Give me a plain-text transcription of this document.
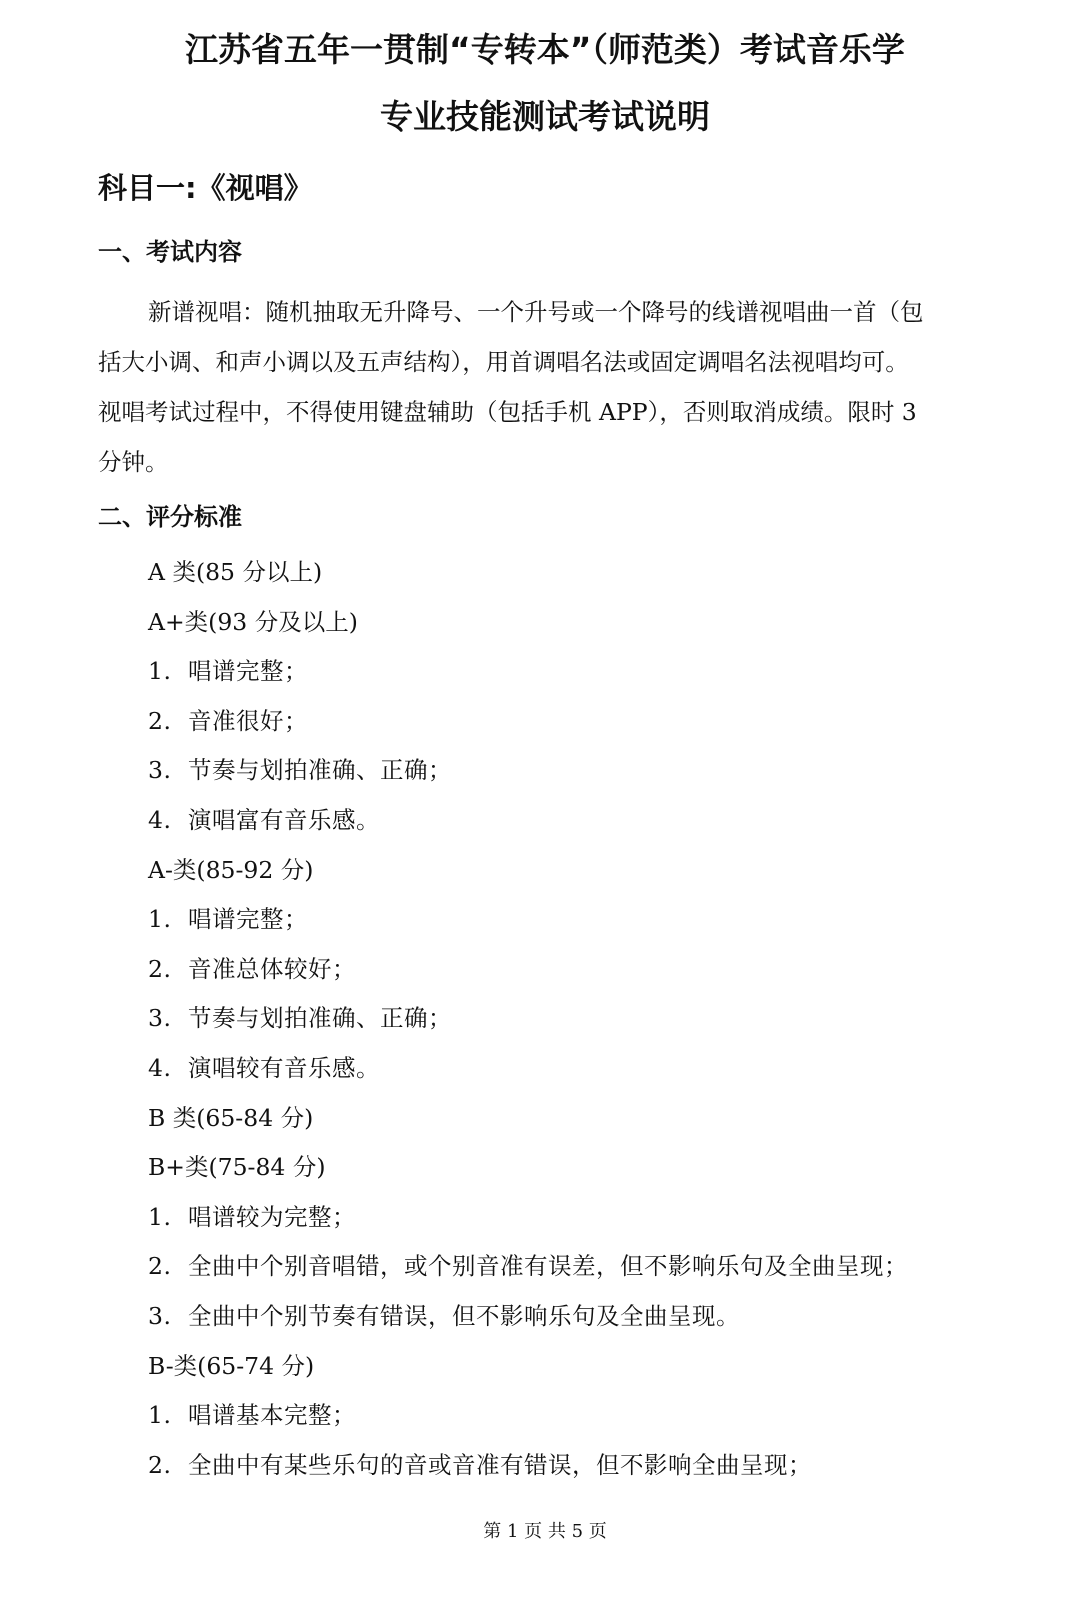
江苏省五年一贯制“专转本”（师范类）考试音乐学
专业技能测试考试说明
科目一:《视唱》
一、考试内容
新谱视唱：随机抽取无升降号、一个升号或一个降号的线谱视唱曲一首（包
括大小调、和声小调以及五声结构），用首调唱名法或固定调唱名法视唱均可。
视唱考试过程中，不得使用键盘辅助（包括手机 APP），否则取消成绩。限时 3
分钟。
二、评分标准
A 类(85 分以上)
A+类(93 分及以上)
1. 唱谱完整；
2. 音准很好；
3. 节奏与划拍准确、正确；
4. 演唱富有音乐感。
A-类(85-92 分)
1. 唱谱完整；
2. 音准总体较好；
3. 节奏与划拍准确、正确；
4. 演唱较有音乐感。
B 类(65-84 分)
B+类(75-84 分)
1. 唱谱较为完整；
2. 全曲中个别音唱错，或个别音准有误差，但不影响乐句及全曲呈现；
3. 全曲中个别节奏有错误，但不影响乐句及全曲呈现。
B-类(65-74 分)
1. 唱谱基本完整；
2. 全曲中有某些乐句的音或音准有错误，但不影响全曲呈现；
第 1 页 共 5 页
